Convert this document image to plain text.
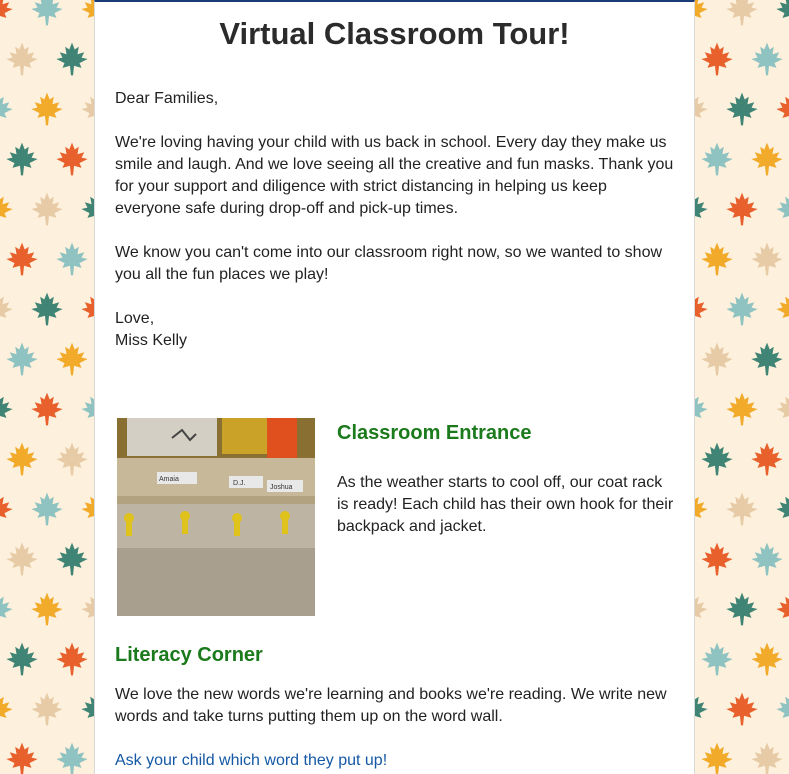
Virtual Classroom Tour!

Dear Families,

We're loving having your child with us back in school. Every day they make us smile and laugh. And we love seeing all the creative and fun masks. Thank you for your support and diligence with strict distancing in helping us keep everyone safe during drop-off and pick-up times.

We know you can't come into our classroom right now, so we wanted to show you all the fun places we play!

Love,

Miss Kelly

Amaia
D.J.
Joshua
Classroom Entrance

As the weather starts to cool off, our coat rack is ready! Each child has their own hook for their backpack and jacket.

Literacy Corner

We love the new words we're learning and books we're reading. We write new words and take turns putting them up on the word wall.

Ask your child which word they put up!
